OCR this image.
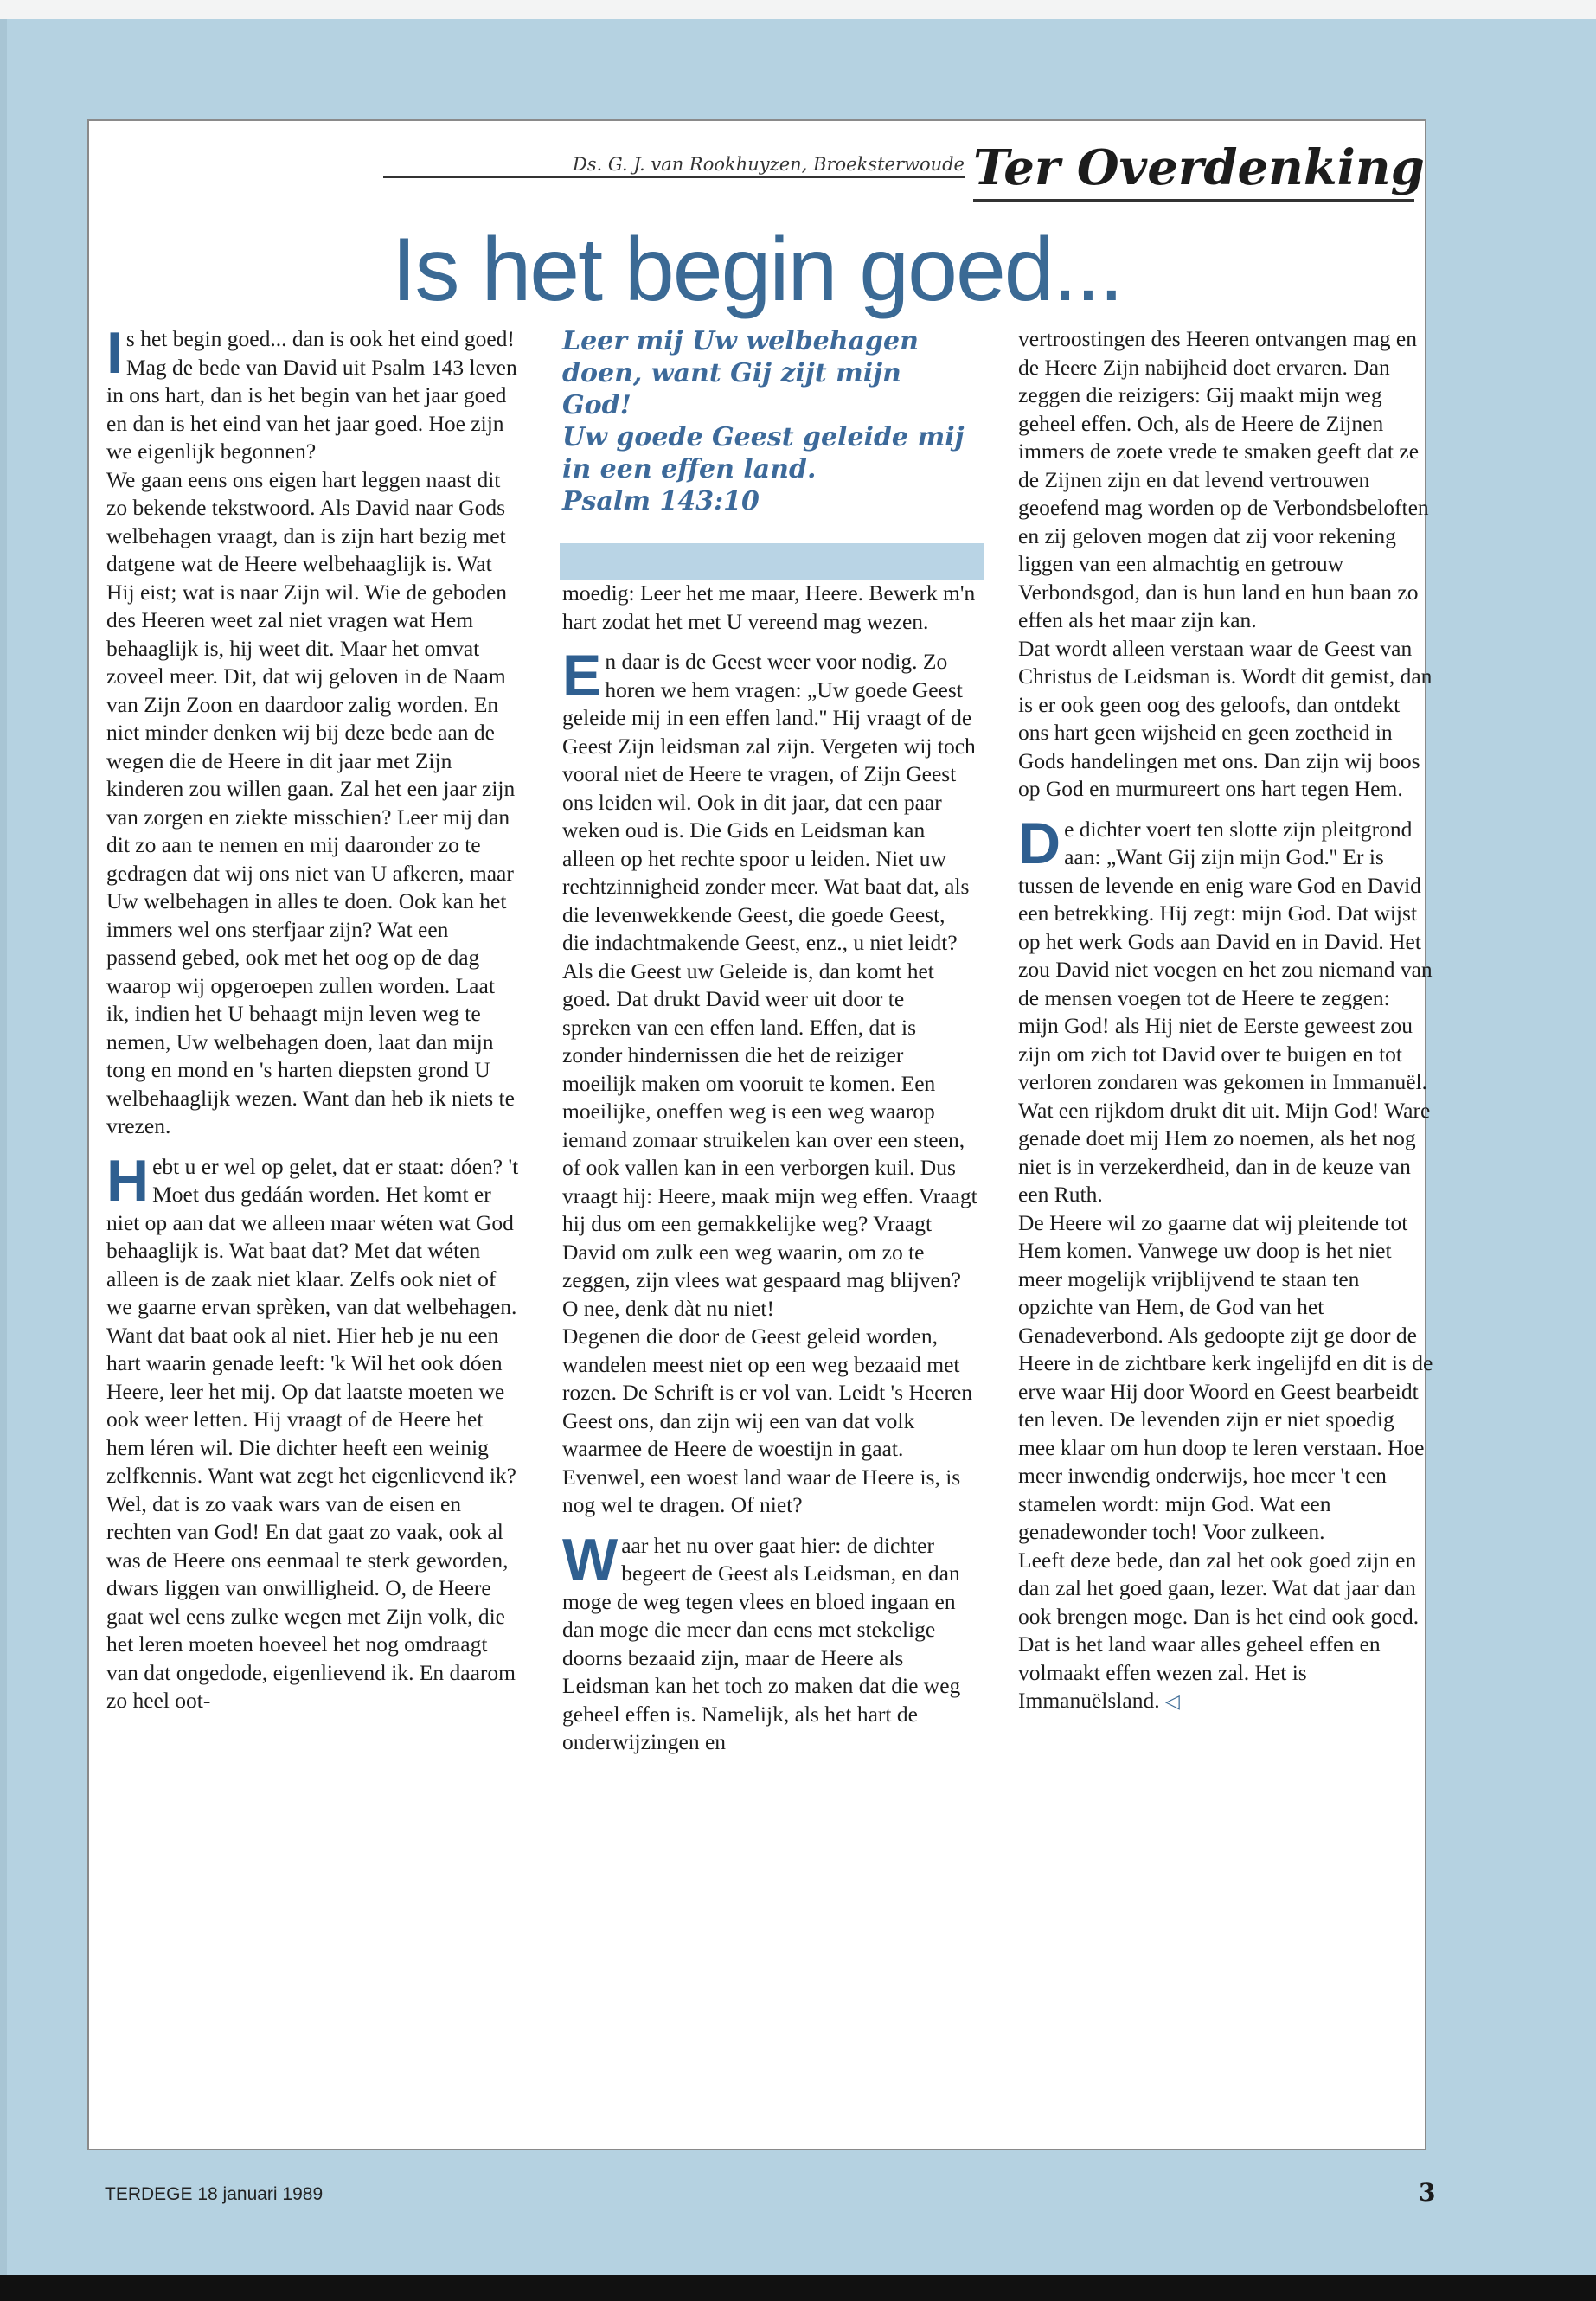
Ds. G. J. van Rookhuyzen, Broeksterwoude Ter Overdenking
Is het begin goed...

Is het begin goed... dan is ook het eind goed! Mag de bede van David uit Psalm 143 leven in ons hart, dan is het begin van het jaar goed en dan is het eind van het jaar goed. Hoe zijn we eigenlijk begonnen?

We gaan eens ons eigen hart leggen naast dit zo bekende tekstwoord. Als David naar Gods welbehagen vraagt, dan is zijn hart bezig met datgene wat de Heere welbehaaglijk is. Wat Hij eist; wat is naar Zijn wil. Wie de geboden des Heeren weet zal niet vragen wat Hem behaaglijk is, hij weet dit. Maar het omvat zoveel meer. Dit, dat wij geloven in de Naam van Zijn Zoon en daardoor zalig worden. En niet minder denken wij bij deze bede aan de wegen die de Heere in dit jaar met Zijn kinderen zou willen gaan. Zal het een jaar zijn van zorgen en ziekte misschien? Leer mij dan dit zo aan te nemen en mij daaronder zo te gedragen dat wij ons niet van U afkeren, maar Uw welbehagen in alles te doen. Ook kan het immers wel ons sterfjaar zijn? Wat een passend gebed, ook met het oog op de dag waarop wij opgeroepen zullen worden. Laat ik, indien het U behaagt mijn leven weg te nemen, Uw welbehagen doen, laat dan mijn tong en mond en 's harten diepsten grond U welbehaaglijk wezen. Want dan heb ik niets te vrezen.

Hebt u er wel op gelet, dat er staat: dóen? 't Moet dus gedáán worden. Het komt er niet op aan dat we alleen maar wéten wat God behaaglijk is. Wat baat dat? Met dat wéten alleen is de zaak niet klaar. Zelfs ook niet of we gaarne ervan sprèken, van dat welbehagen. Want dat baat ook al niet. Hier heb je nu een hart waarin genade leeft: 'k Wil het ook dóen Heere, leer het mij. Op dat laatste moeten we ook weer letten. Hij vraagt of de Heere het hem léren wil. Die dichter heeft een weinig zelfkennis. Want wat zegt het eigenlievend ik? Wel, dat is zo vaak wars van de eisen en rechten van God! En dat gaat zo vaak, ook al was de Heere ons eenmaal te sterk geworden, dwars liggen van onwilligheid. O, de Heere gaat wel eens zulke wegen met Zijn volk, die het leren moeten hoeveel het nog omdraagt van dat ongedode, eigenlievend ik. En daarom zo heel oot-

Leer mij Uw welbehagen

doen, want Gij zijt mijn God!

Uw goede Geest geleide mij

in een effen land.

Psalm 143:10

moedig: Leer het me maar, Heere. Bewerk m'n hart zodat het met U vereend mag wezen.

En daar is de Geest weer voor nodig. Zo horen we hem vragen: „Uw goede Geest geleide mij in een effen land.'' Hij vraagt of de Geest Zijn leidsman zal zijn. Vergeten wij toch vooral niet de Heere te vragen, of Zijn Geest ons leiden wil. Ook in dit jaar, dat een paar weken oud is. Die Gids en Leidsman kan alleen op het rechte spoor u leiden. Niet uw rechtzinnigheid zonder meer. Wat baat dat, als die levenwekkende Geest, die goede Geest, die indachtmakende Geest, enz., u niet leidt? Als die Geest uw Geleide is, dan komt het goed. Dat drukt David weer uit door te spreken van een effen land. Effen, dat is zonder hindernissen die het de reiziger moeilijk maken om vooruit te komen. Een moeilijke, oneffen weg is een weg waarop iemand zomaar struikelen kan over een steen, of ook vallen kan in een verborgen kuil. Dus vraagt hij: Heere, maak mijn weg effen. Vraagt hij dus om een gemakkelijke weg? Vraagt David om zulk een weg waarin, om zo te zeggen, zijn vlees wat gespaard mag blijven? O nee, denk dàt nu niet!

Degenen die door de Geest geleid worden, wandelen meest niet op een weg bezaaid met rozen. De Schrift is er vol van. Leidt 's Heeren Geest ons, dan zijn wij een van dat volk waarmee de Heere de woestijn in gaat. Evenwel, een woest land waar de Heere is, is nog wel te dragen. Of niet?

Waar het nu over gaat hier: de dichter begeert de Geest als Leidsman, en dan moge de weg tegen vlees en bloed ingaan en dan moge die meer dan eens met stekelige doorns bezaaid zijn, maar de Heere als Leidsman kan het toch zo maken dat die weg geheel effen is. Namelijk, als het hart de onderwijzingen en

vertroostingen des Heeren ontvangen mag en de Heere Zijn nabijheid doet ervaren. Dan zeggen die reizigers: Gij maakt mijn weg geheel effen. Och, als de Heere de Zijnen immers de zoete vrede te smaken geeft dat ze de Zijnen zijn en dat levend vertrouwen geoefend mag worden op de Verbondsbeloften en zij geloven mogen dat zij voor rekening liggen van een almachtig en getrouw Verbondsgod, dan is hun land en hun baan zo effen als het maar zijn kan.

Dat wordt alleen verstaan waar de Geest van Christus de Leidsman is. Wordt dit gemist, dan is er ook geen oog des geloofs, dan ontdekt ons hart geen wijsheid en geen zoetheid in Gods handelingen met ons. Dan zijn wij boos op God en murmureert ons hart tegen Hem.

De dichter voert ten slotte zijn pleitgrond aan: „Want Gij zijn mijn God.'' Er is tussen de levende en enig ware God en David een betrekking. Hij zegt: mijn God. Dat wijst op het werk Gods aan David en in David. Het zou David niet voegen en het zou niemand van de mensen voegen tot de Heere te zeggen: mijn God! als Hij niet de Eerste geweest zou zijn om zich tot David over te buigen en tot verloren zondaren was gekomen in Immanuël. Wat een rijkdom drukt dit uit. Mijn God! Ware genade doet mij Hem zo noemen, als het nog niet is in verzekerdheid, dan in de keuze van een Ruth.

De Heere wil zo gaarne dat wij pleitende tot Hem komen. Vanwege uw doop is het niet meer mogelijk vrijblijvend te staan ten opzichte van Hem, de God van het Genadeverbond. Als gedoopte zijt ge door de Heere in de zichtbare kerk ingelijfd en dit is de erve waar Hij door Woord en Geest bearbeidt ten leven. De levenden zijn er niet spoedig mee klaar om hun doop te leren verstaan. Hoe meer inwendig onderwijs, hoe meer 't een stamelen wordt: mijn God. Wat een genadewonder toch! Voor zulkeen.

Leeft deze bede, dan zal het ook goed zijn en dan zal het goed gaan, lezer. Wat dat jaar dan ook brengen moge. Dan is het eind ook goed. Dat is het land waar alles geheel effen en volmaakt effen wezen zal. Het is Immanuëlsland. ◁

TERDEGE 18 januari 1989	3
